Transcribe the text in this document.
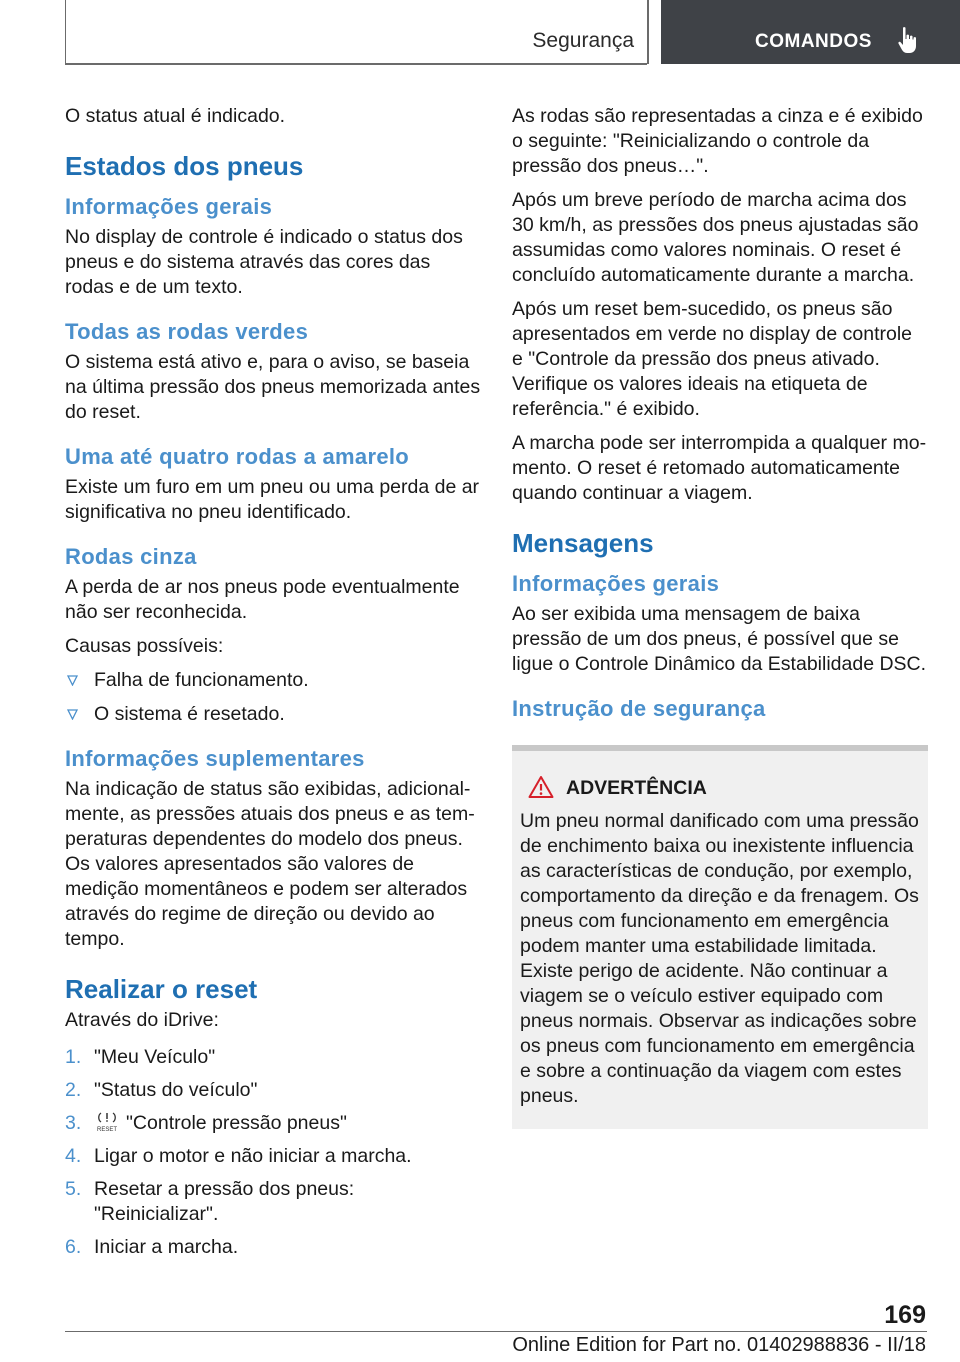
Segurança	COMANDOS

O status atual é indicado.

Estados dos pneus
Informações gerais

No display de controle é indicado o status dos pneus e do sistema através das cores das rodas e de um texto.

Todas as rodas verdes

O sistema está ativo e, para o aviso, se baseia na última pressão dos pneus memorizada antes do reset.

Uma até quatro rodas a amarelo

Existe um furo em um pneu ou uma perda de ar significativa no pneu identificado.

Rodas cinza

A perda de ar nos pneus pode eventualmente não ser reconhecida.

Causas possíveis:

Falha de funcionamento.
O sistema é resetado.
Informações suplementares

Na indicação de status são exibidas, adicionalmente, as pressões atuais dos pneus e as temperaturas dependentes do modelo dos pneus. Os valores apresentados são valores de medição momentâneos e podem ser alterados através do regime de direção ou devido ao tempo.

Realizar o reset

Através do iDrive:

1. "Meu Veículo"
2. "Status do veículo"
3.	RESET "Controle pressão pneus"
4. Ligar o motor e não iniciar a marcha.
5. Resetar a pressão dos pneus: "Reinicializar".
6. Iniciar a marcha.

As rodas são representadas a cinza e é exibido o seguinte: "Reinicializando o controle da pressão dos pneus…".

Após um breve período de marcha acima dos 30 km/h, as pressões dos pneus ajustadas são assumidas como valores nominais. O reset é concluído automaticamente durante a marcha.

Após um reset bem-sucedido, os pneus são apresentados em verde no display de controle e "Controle da pressão dos pneus ativado. Verifique os valores ideais na etiqueta de referência." é exibido.

A marcha pode ser interrompida a qualquer momento. O reset é retomado automaticamente quando continuar a viagem.

Mensagens
Informações gerais

Ao ser exibida uma mensagem de baixa pressão de um dos pneus, é possível que se ligue o Controle Dinâmico da Estabilidade DSC.

Instrução de segurança
ADVERTÊNCIA

Um pneu normal danificado com uma pressão de enchimento baixa ou inexistente influencia as características de condução, por exemplo, comportamento da direção e da frenagem. Os pneus com funcionamento em emergência podem manter uma estabilidade limitada. Existe perigo de acidente. Não continuar a viagem se o veículo estiver equipado com pneus normais. Observar as indicações sobre os pneus com funcionamento em emergência e sobre a continuação da viagem com estes pneus.

169
Online Edition for Part no. 01402988836 - II/18
